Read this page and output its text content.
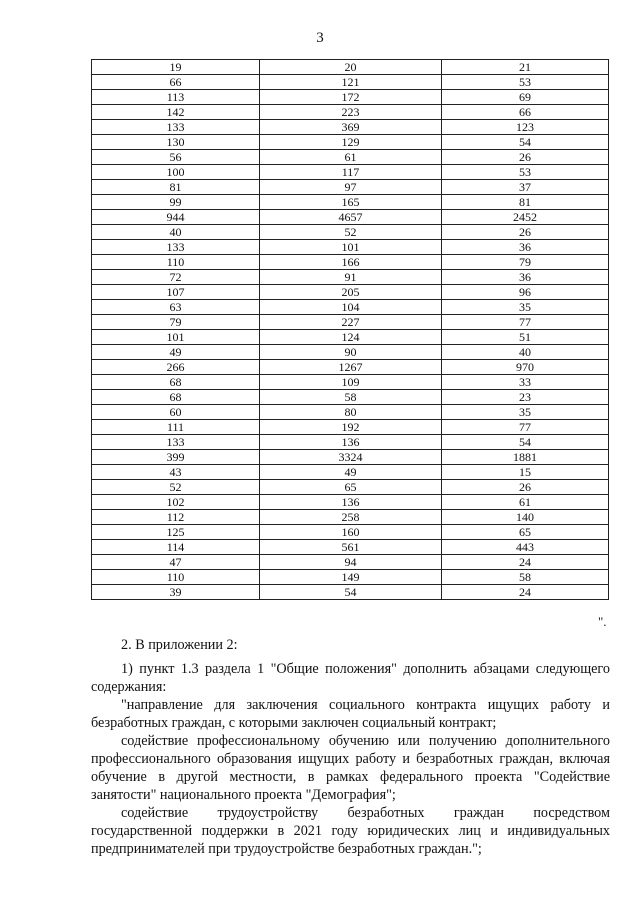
3
19	20	21
66	121	53
113	172	69
142	223	66
133	369	123
130	129	54
56	61	26
100	117	53
81	97	37
99	165	81
944	4657	2452
40	52	26
133	101	36
110	166	79
72	91	36
107	205	96
63	104	35
79	227	77
101	124	51
49	90	40
266	1267	970
68	109	33
68	58	23
60	80	35
111	192	77
133	136	54
399	3324	1881
43	49	15
52	65	26
102	136	61
112	258	140
125	160	65
114	561	443
47	94	24
110	149	58
39	54	24
".

2. В приложении 2:

1) пункт 1.3 раздела 1 "Общие положения" дополнить абзацами следующего содержания:

"направление для заключения социального контракта ищущих работу и безработных граждан, с которыми заключен социальный контракт;

содействие профессиональному обучению или получению дополнительного профессионального образования ищущих работу и безработных граждан, включая обучение в другой местности, в рамках федерального проекта "Содействие занятости" национального проекта "Демография";

содействие трудоустройству безработных граждан посредством государственной поддержки в 2021 году юридических лиц и индивидуальных предпринимателей при трудоустройстве безработных граждан.";
